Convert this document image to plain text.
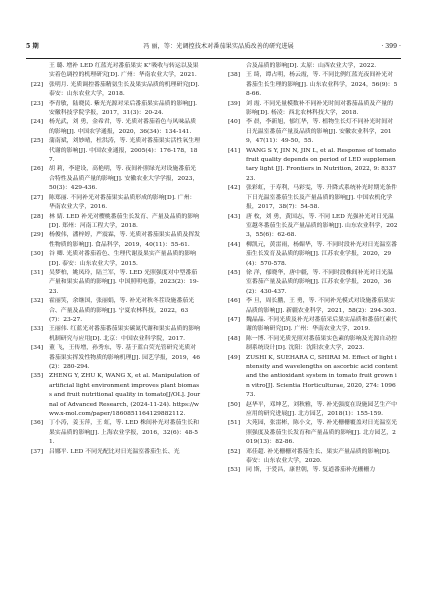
5 期	冯 丽，等：光调控技术对番茄果实品质改善的研究进展	· 399 ·
王 璐. 增补 LED 红蓝光对番茄果实 K⁺吸收与转运以及果实着色调控的机理研究[D]. 广州：华南农业大学，2021.
[22] 张明月. 光质调控番茄精氨生长及果实品质的机理研究[D]. 泰安：山东农业大学，2018.
[23] 李青敏，陆晓民. 紫光光源对采后番茄果实品质的影响[J]. 安徽科技学院学报，2017，31(3)：20-24.
[24] 杨光武，刘 勇，金希君，等. 光质对番茄着色与风味品质的影响[J]. 中国农学通报，2020，36(34)：134-141.
[25] 蒲南斌，刘妙晴，杜洪涛，等. 光质对番茄果实活性氧生理代谢的影响[J]. 中国农业通报，2005(4)：176-178，187.
[26] 胡 莉，李建设，高艳明，等. 夜间补照绿光对设施番茄光合特性及品质产量的影响[J]. 安徽农业大学学报，2023，50(3)：429-436.
[27] 陈郑丽. 不同补光对番茄果实品质形成的影响[D]. 广州：华南农业大学，2016.
[28] 林 婧. LED 补光对樱桃番茄生长发育、产量及品质的影响[D]. 郑州：河南工程大学，2018.
[29] 杨俊伟，潘梓婷，严震霖，等. 光质对番茄果实品质及挥发性物质的影响[J]. 食品科学，2019，40(11)：55-61.
[30] 谷 卿. 光质对番茄着色、生理代谢及果实产量品质的影响[D]. 泰安：山东农业大学，2015.
[31] 吴梦柏，姚凤玲，陆兰军，等. LED 光照强度对中型番茄产量和果实品质的影响[J]. 中国照明电器，2023(2)：19-23.
[32] 霍丽笑，余继国，张丽娟，等. 补光对秋冬茬设施番茄光合、产量及品质的影响[J]. 宁夏农林科技，2022，63(7)：23-27.
[33] 王丽伟. 红蓝光对番茄番茄果实碳氮代谢和果实品质的影响机制研究与应用[D]. 北京：中国农业科学院，2017.
[34] 董 飞，王传增，孙秀东，等. 基于蓝白荧光管研究光质对番茄果实挥发性物质的影响机理[J]. 园艺学报，2019，46(2)：280-294.
[35] ZHENG Y, ZHU K, WANG X, et al. Manipulation of artificial light environment improves plant biomass and fruit nutritional quality in tomato[J/OL]. Journal of Advanced Research, (2024-11-24). https://www.x-mol.com/paper/1860851164129882112.
[36] 丁小涛，姜玉萍，王 虹，等. LED 株间补光对番茄生长和果实品质的影响[J]. 上海农业学报，2016，32(6)：48-51.
[37] 吕娜平. LED 不同光配比对日光温室番茄生长、光
合及品质的影响[D]. 太原：山西农业大学，2022.
[38] 王 绮，谭占明，杨云霞，等. 不同比例红蓝光夜间补光对番茄生长生理的影响[J]. 山东农业科学，2024，56(9)：58-66.
[39] 刘 霞. 不同光量模数补不同补光时间对番茄品质及产量的影响[D]. 杨凌：西北农林科技大学，2018.
[40] 李 晨，李新旭，郁红华，等. 植物生长灯不同补光时间对日光温室番茄产量及品质的影响[J]. 安徽农业科学，2019，47(11)：49-50，55.
[41] WANG S Y, JIN N, JIN L, et al. Response of tomato fruit quality depends on period of LED supplementary light [J]. Frontiers in Nutrition, 2022, 9: 833723.
[42] 张彩虹，于寿利，马彩雯，等. 升降式系统补光时期光条件下日光温室番茄生长及产量品质的影响[J]. 中国农机化学报，2017，38(7)：54-58.
[43] 唐 枚，刘 勇，黄国志，等. 不同 LED 光强补光对日光温室越冬番茄生长及产量品质的影响[J]. 山东农业科学，2023，55(6)：62-68.
[44] 柳凯元，黄雷雨，杨媚华，等. 不同时段补光对日光温室番茄生长发育及品质的影响[J]. 江苏农业学报，2020，29(4)：570-578.
[45] 徐 洋，郁晓华，唐中疆，等. 不同时段株间补光对日光温室番茄产量及品质的影响[J]. 江苏农业学报，2020，36(2)：430-437.
[46] 李 旦，周长鹏，王 勇，等. 不同补光模式对设施番茄果实品质的影响[J]. 新疆农业科学，2021，58(2)：294-303.
[47] 魏晶晶. 不同光质及补光对番茄采后果实品质和番茄红素代谢的影响研究[D]. 广州：华南农业大学，2019.
[48] 陈一博. 不同光质光照对番茄果实色素的影响及光源自动控制系统设计[D]. 沈阳：沈阳农业大学，2023.
[49] ZUSHI K, SUEHARA C, SHIRAI M. Effect of light intensity and wavelengths on ascorbic acid content and the antioxidant system in tomato fruit grown in vitro[J]. Scientia Horticulturae, 2020, 274: 109673.
[50] 赵华平，邓坤艺，刘秋雅，等. 补光强度在设施园艺生产中应用的研究进展[J]. 北方园艺，2018(1)：155-159.
[51] 大苑园，张雷彬，陈小文，等. 补光栅栅覆盖对日光温室光照强度及番茄生长发育和产量品质的影响[J]. 北方园艺，2019(13)：82-86.
[52] 邓佳超. 补光栅栅对番茄生长、果实产量品质的影响[D]. 泰安：山东农业大学，2020.
[53] 同 斯，于爱昌，康世朝，等. 复道番茄补光栅栅力
